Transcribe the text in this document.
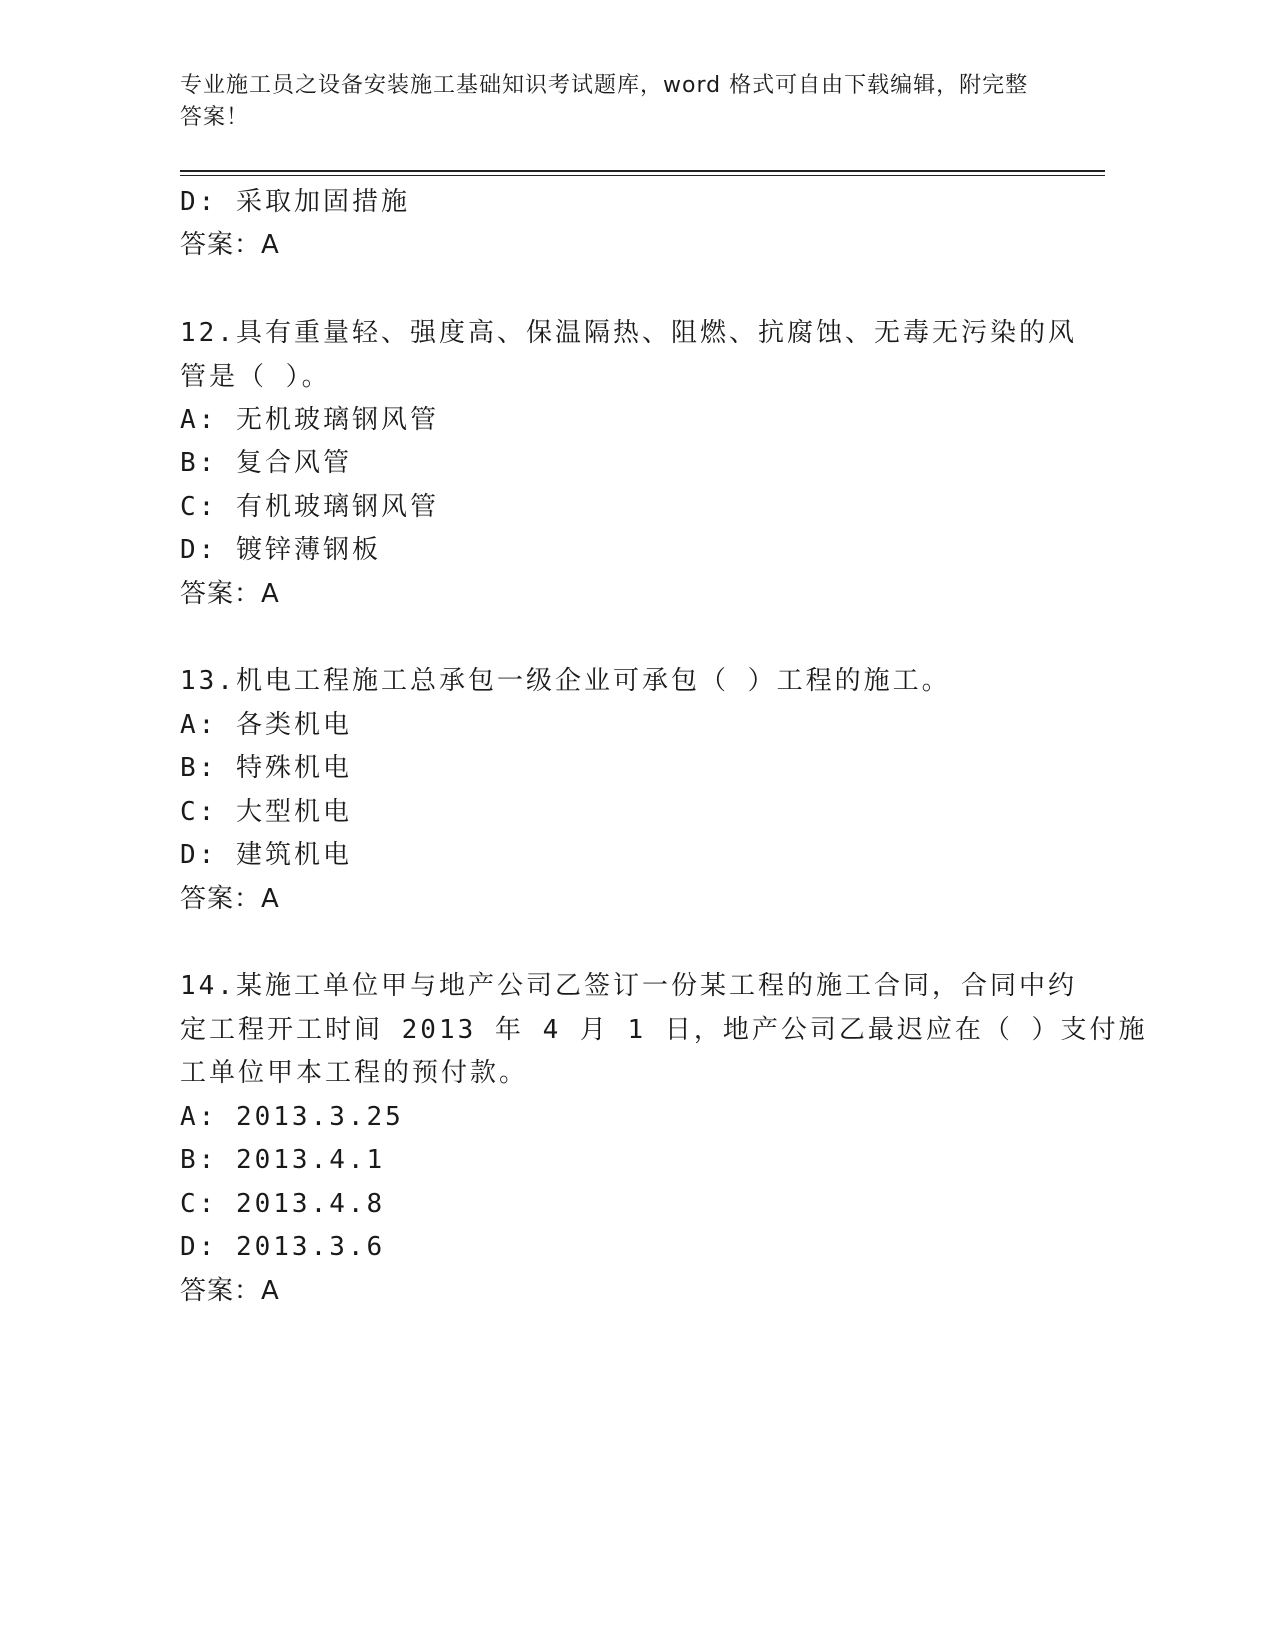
专业施工员之设备安装施工基础知识考试题库，word 格式可自由下载编辑，附完整答案！
D: 采取加固措施
答案：A
12.具有重量轻、强度高、保温隔热、阻燃、抗腐蚀、无毒无污染的风
管是（ ）。
A: 无机玻璃钢风管
B: 复合风管
C: 有机玻璃钢风管
D: 镀锌薄钢板
答案：A
13.机电工程施工总承包一级企业可承包（ ）工程的施工。
A: 各类机电
B: 特殊机电
C: 大型机电
D: 建筑机电
答案：A
14.某施工单位甲与地产公司乙签订一份某工程的施工合同，合同中约
定工程开工时间 2013 年 4 月 1 日，地产公司乙最迟应在（ ）支付施
工单位甲本工程的预付款。
A: 2013.3.25
B: 2013.4.1
C: 2013.4.8
D: 2013.3.6
答案：A
